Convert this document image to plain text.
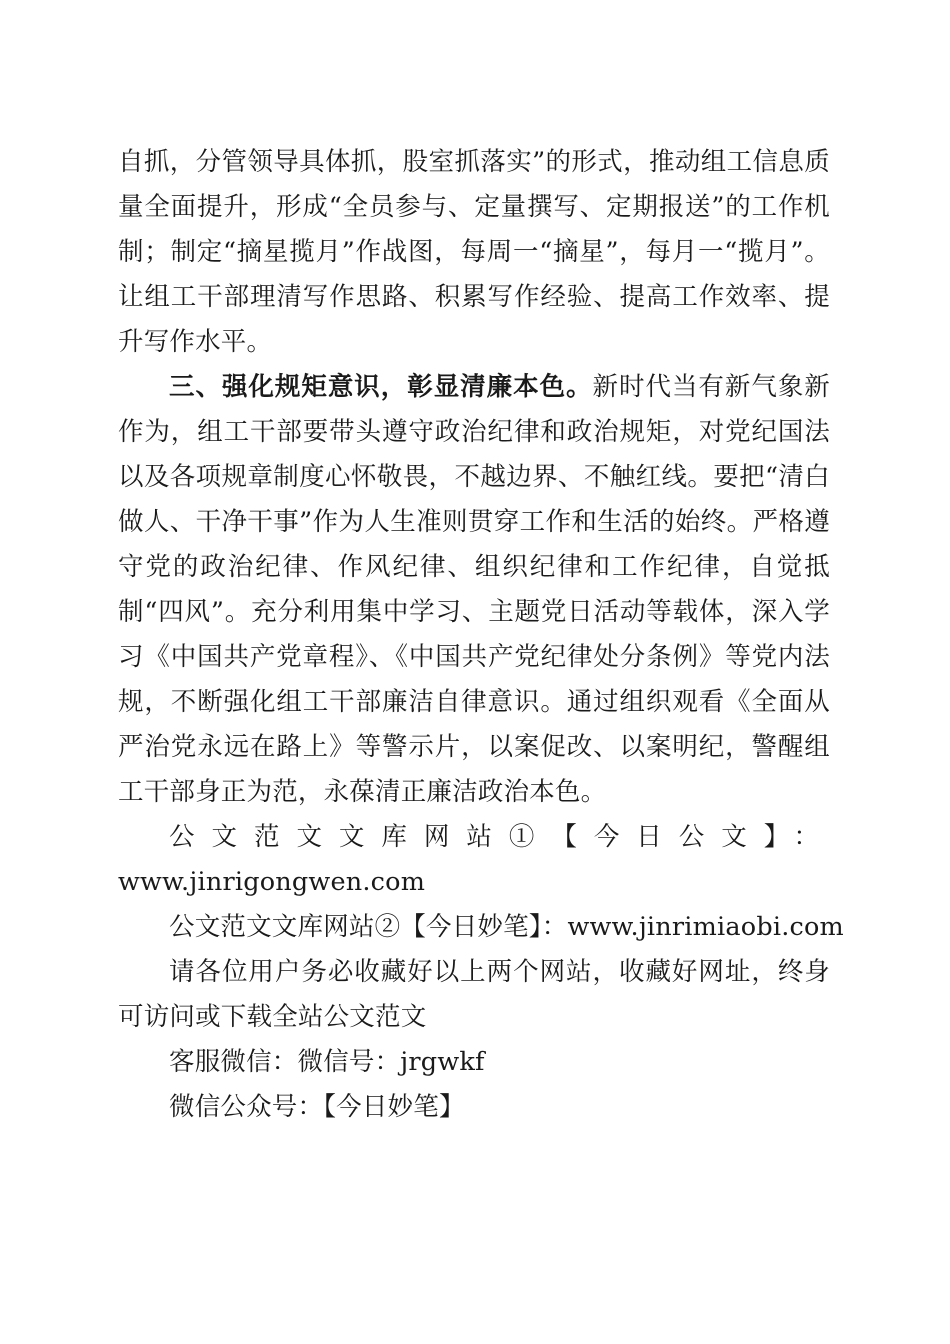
自抓，分管领导具体抓，股室抓落实”的形式，推动组工信息质量全面提升，形成“全员参与、定量撰写、定期报送”的工作机制；制定“摘星揽月”作战图，每周一“摘星”，每月一“揽月”。让组工干部理清写作思路、积累写作经验、提高工作效率、提升写作水平。

三、强化规矩意识，彰显清廉本色。新时代当有新气象新作为，组工干部要带头遵守政治纪律和政治规矩，对党纪国法以及各项规章制度心怀敬畏，不越边界、不触红线。要把“清白做人、干净干事”作为人生准则贯穿工作和生活的始终。严格遵守党的政治纪律、作风纪律、组织纪律和工作纪律，自觉抵制“四风”。充分利用集中学习、主题党日活动等载体，深入学习《中国共产党章程》、《中国共产党纪律处分条例》等党内法规，不断强化组工干部廉洁自律意识。通过组织观看《全面从严治党永远在路上》等警示片，以案促改、以案明纪，警醒组工干部身正为范，永葆清正廉洁政治本色。

公文范文文库网站①【今日公文】：

www.jinrigongwen.com

公文范文文库网站②【今日妙笔】：www.jinrimiaobi.com

请各位用户务必收藏好以上两个网站，收藏好网址，终身可访问或下载全站公文范文

客服微信：微信号：jrgwkf

微信公众号：【今日妙笔】
